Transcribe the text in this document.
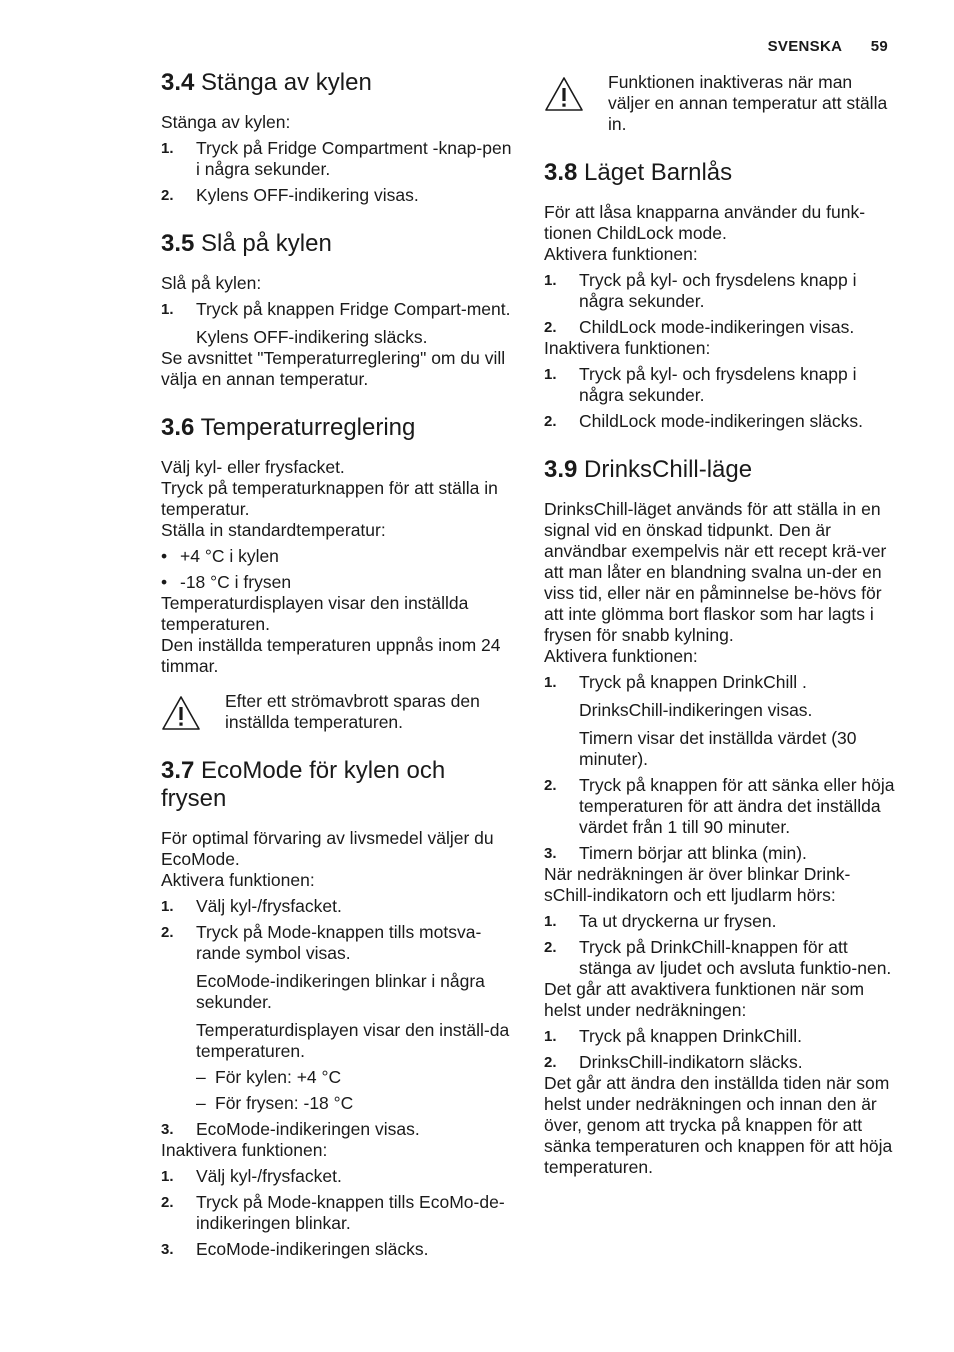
SVENSKA 59
3.4 Stänga av kylen

Stänga av kylen:

1. Tryck på Fridge Compartment -knap-pen i några sekunder.
2. Kylens OFF-indikering visas.
3.5 Slå på kylen

Slå på kylen:

1. Tryck på knappen Fridge Compart-ment.
Kylens OFF-indikering släcks.

Se avsnittet "Temperaturreglering" om du vill välja en annan temperatur.

3.6 Temperaturreglering

Välj kyl- eller frysfacket.

Tryck på temperaturknappen för att ställa in temperatur.

Ställa in standardtemperatur:

• +4 °C i kylen
• -18 °C i frysen

Temperaturdisplayen visar den inställda temperaturen.

Den inställda temperaturen uppnås inom 24 timmar.

Efter ett strömavbrott sparas den inställda temperaturen.

3.7 EcoMode för kylen och frysen

För optimal förvaring av livsmedel väljer du EcoMode.

Aktivera funktionen:

1. Välj kyl-/frysfacket.
2. Tryck på Mode-knappen tills motsva-rande symbol visas.
EcoMode-indikeringen blinkar i några sekunder.
Temperaturdisplayen visar den inställ-da temperaturen.
– För kylen: +4 °C
– För frysen: -18 °C
3. EcoMode-indikeringen visas.

Inaktivera funktionen:

1. Välj kyl-/frysfacket.
2. Tryck på Mode-knappen tills EcoMo-de-indikeringen blinkar.
3. EcoMode-indikeringen släcks.

Funktionen inaktiveras när man väljer en annan temperatur att ställa in.

3.8 Läget Barnlås

För att låsa knapparna använder du funk-tionen ChildLock mode.

Aktivera funktionen:

1. Tryck på kyl- och frysdelens knapp i några sekunder.
2. ChildLock mode-indikeringen visas.

Inaktivera funktionen:

1. Tryck på kyl- och frysdelens knapp i några sekunder.
2. ChildLock mode-indikeringen släcks.
3.9 DrinksChill-läge

DrinksChill-läget används för att ställa in en signal vid en önskad tidpunkt. Den är användbar exempelvis när ett recept krä-ver att man låter en blandning svalna un-der en viss tid, eller när en påminnelse be-hövs för att inte glömma bort flaskor som har lagts i frysen för snabb kylning.

Aktivera funktionen:

1. Tryck på knappen DrinkChill .
DrinksChill-indikeringen visas.
Timern visar det inställda värdet (30 minuter).
2. Tryck på knappen för att sänka eller höja temperaturen för att ändra det inställda värdet från 1 till 90 minuter.
3. Timern börjar att blinka (min).

När nedräkningen är över blinkar Drink-sChill-indikatorn och ett ljudlarm hörs:

1. Ta ut dryckerna ur frysen.
2. Tryck på DrinkChill-knappen för att stänga av ljudet och avsluta funktio-nen.

Det går att avaktivera funktionen när som helst under nedräkningen:

1. Tryck på knappen DrinkChill.
2. DrinksChill-indikatorn släcks.

Det går att ändra den inställda tiden när som helst under nedräkningen och innan den är över, genom att trycka på knappen för att sänka temperaturen och knappen för att höja temperaturen.
